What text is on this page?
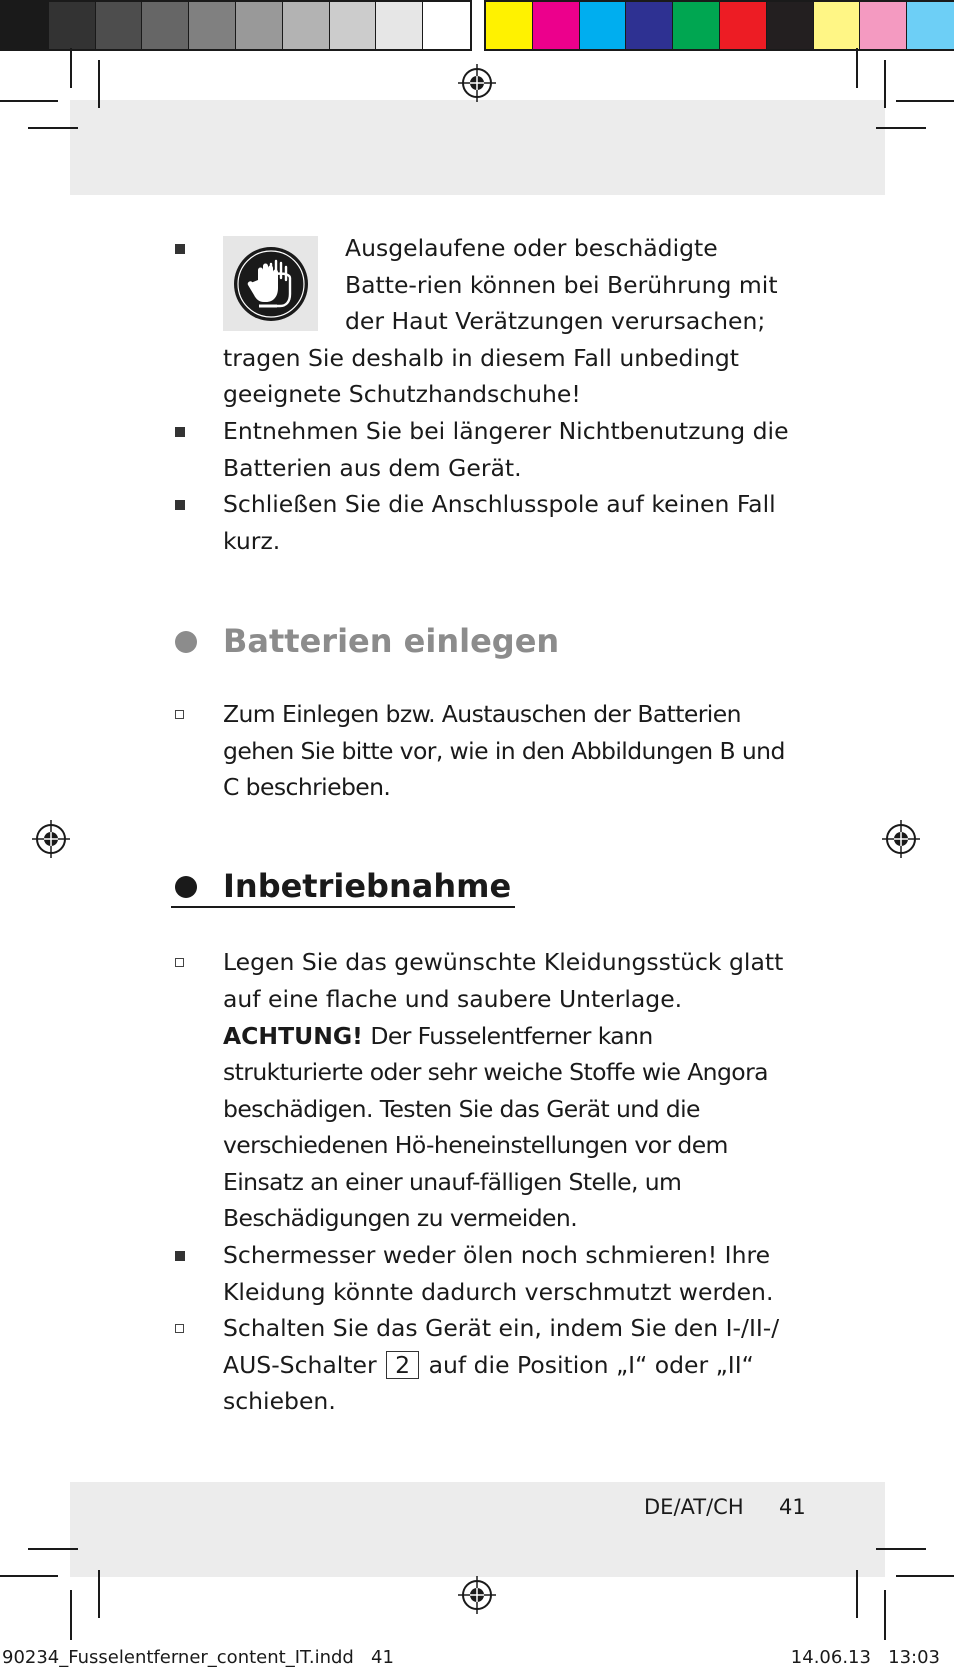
Ausgelaufene oder beschädigte Batte-rien können bei Berührung mit der Haut Verätzungen verursachen; tragen Sie deshalb in diesem Fall unbedingt geeignete Schutzhandschuhe!
Entnehmen Sie bei längerer Nichtbenutzung die Batterien aus dem Gerät.
Schließen Sie die Anschlusspole auf keinen Fall kurz.
Batterien einlegen
Zum Einlegen bzw. Austauschen der Batterien gehen Sie bitte vor, wie in den Abbildungen B und C beschrieben.
Inbetriebnahme
Legen Sie das gewünschte Kleidungsstück glatt auf eine flache und saubere Unterlage. ACHTUNG! Der Fusselentferner kann strukturierte oder sehr weiche Stoffe wie Angora beschädigen. Testen Sie das Gerät und die verschiedenen Hö-heneinstellungen vor dem Einsatz an einer unauf-fälligen Stelle, um Beschädigungen zu vermeiden.
Schermesser weder ölen noch schmieren! Ihre Kleidung könnte dadurch verschmutzt werden.
Schalten Sie das Gerät ein, indem Sie den I-/II-/ AUS-Schalter 2 auf die Position „I“ oder „II“ schieben.
DE/AT/CH 41
90234_Fusselentferner_content_IT.indd   41	14.06.13   13:03
